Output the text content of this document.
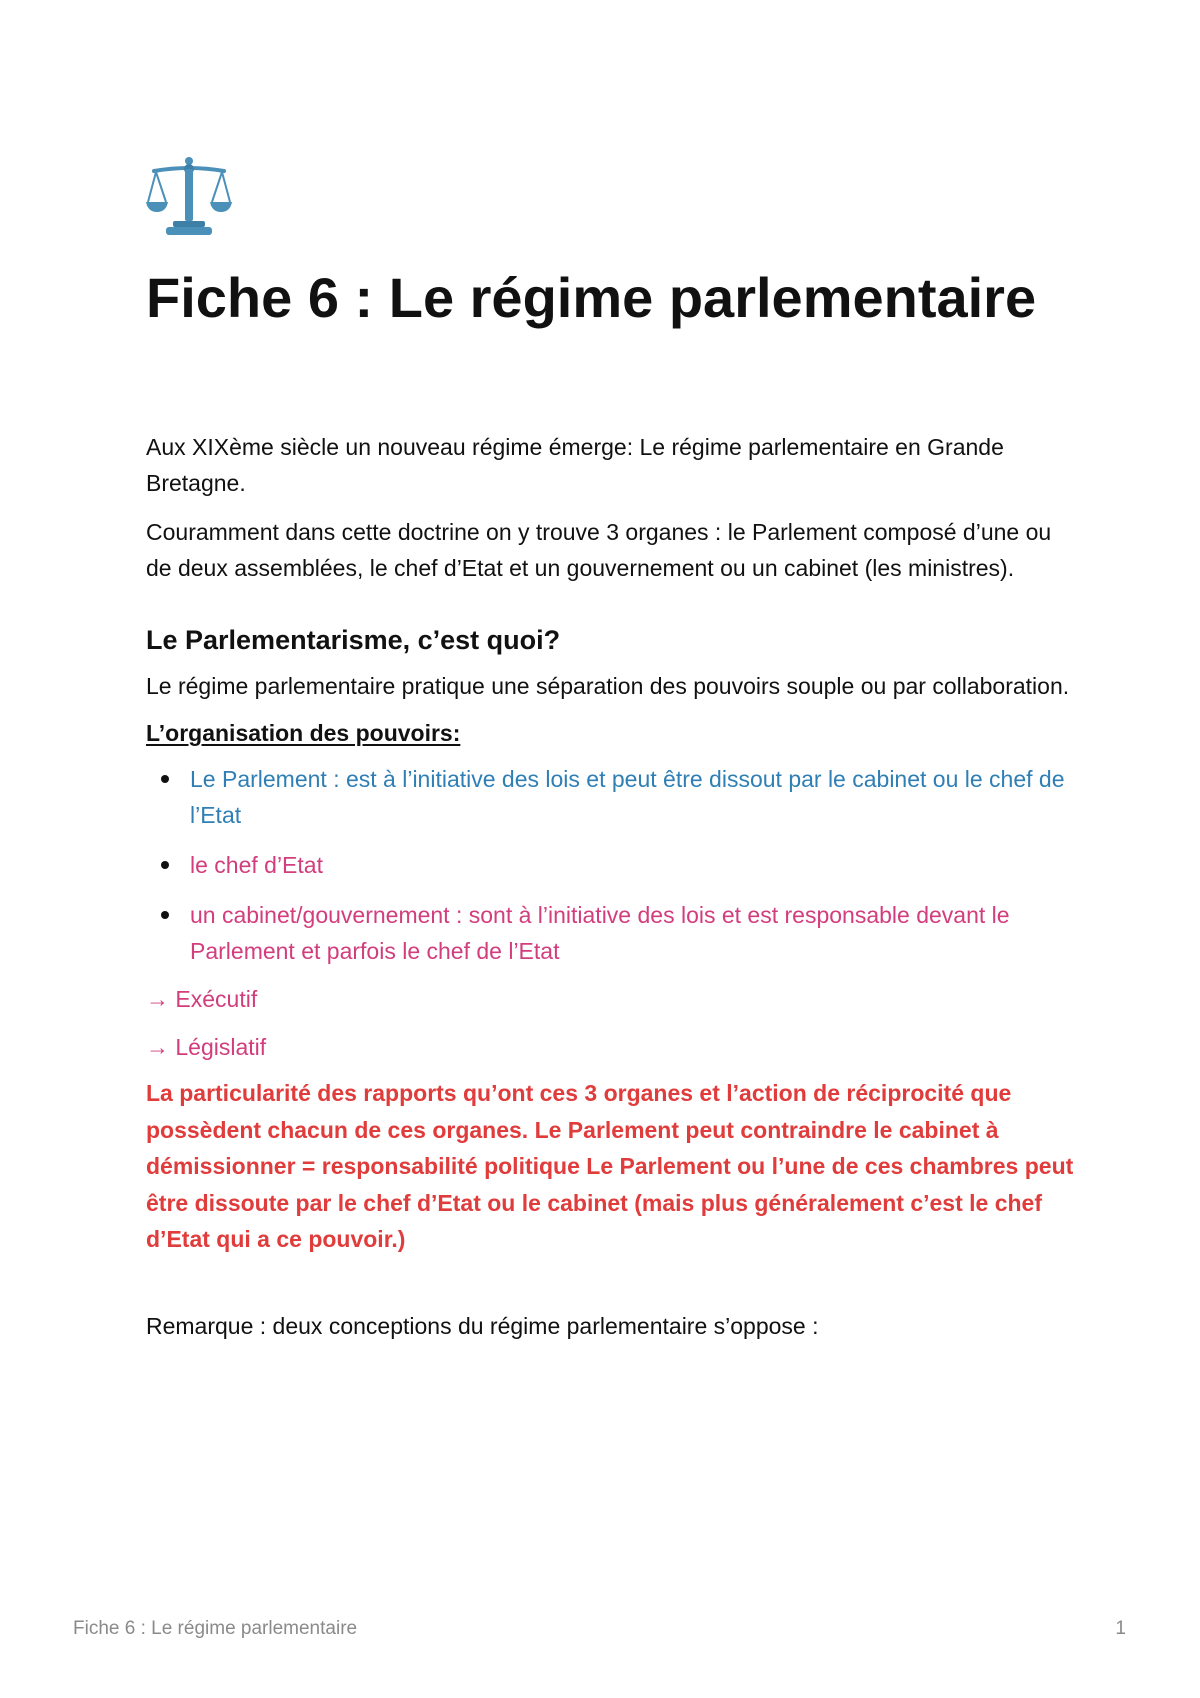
Fiche 6 : Le régime parlementaire

Aux XIXème siècle un nouveau régime émerge: Le régime parlementaire en Grande Bretagne.

Couramment dans cette doctrine on y trouve 3 organes : le Parlement composé d’une ou de deux assemblées, le chef d’Etat et un gouvernement ou un cabinet (les ministres).

Le Parlementarisme, c’est quoi?

Le régime parlementaire pratique une séparation des pouvoirs souple ou par collaboration.

L’organisation des pouvoirs:

Le Parlement : est à l’initiative des lois et peut être dissout par le cabinet ou le chef de l’Etat
le chef d’Etat
un cabinet/gouvernement : sont à l’initiative des lois et est responsable devant le Parlement et parfois le chef de l’Etat

→ Exécutif

→ Législatif

La particularité des rapports qu’ont ces 3 organes et l’action de réciprocité que possèdent chacun de ces organes. Le Parlement peut contraindre le cabinet à démissionner = responsabilité politique Le Parlement ou l’une de ces chambres peut être dissoute par le chef d’Etat ou le cabinet (mais plus généralement c’est le chef d’Etat qui a ce pouvoir.)

Remarque : deux conceptions du régime parlementaire s’oppose :

Fiche 6 : Le régime parlementaire	1
